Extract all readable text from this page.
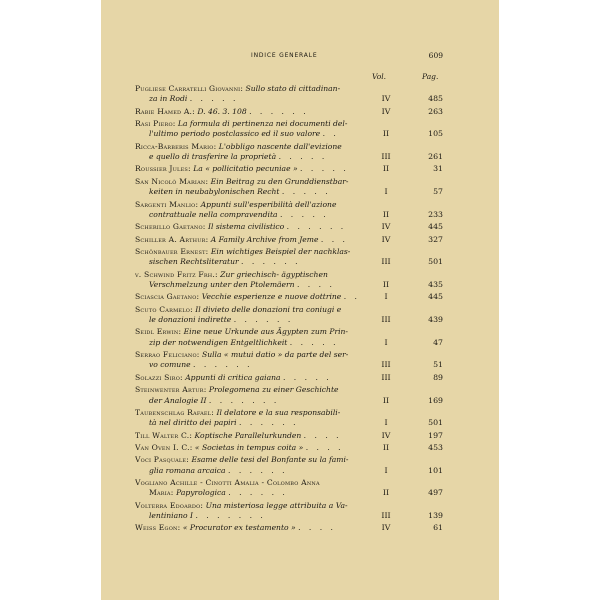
INDICE GENERALE	609
Vol.	Pag.
Pugliese Carratelli Giovanni: Sullo stato di cittadinan-
za in Rodi . . . . .	IV	485
Rabie Hamed A.: D. 46. 3. 108 . . . . . .	IV	263
Rasi Piero: La formula di pertinenza nei documenti del-
l'ultimo periodo postclassico ed il suo valore . .	II	105
Ricca-Barberis Mario: L'obbligo nascente dall'evizione
e quello di trasferire la proprietà . . . . .	III	261
Roussier Jules: La « pollicitatio pecuniae » . . . . .	II	31
San Nicolò Marian: Ein Beitrag zu den Grunddienstbar-
keiten in neubabylonischen Recht . . . . .	I	57
Sargenti Manlio: Appunti sull'esperibilità dell'azione
contrattuale nella compravendita . . . . .	II	233
Scherillo Gaetano: Il sistema civilistico . . . . . .	IV	445
Schiller A. Arthur: A Family Archive from Jeme . . .	IV	327
Schönbauer Ernest: Ein wichtiges Beispiel der nachklas-
sischen Rechtsliteratur . . . . . .	III	501
v. Schwind Fritz Frh.: Zur griechisch- ägyptischen
Verschmelzung unter den Ptolemäern . . . .	II	435
Sciascia Gaetano: Vecchie esperienze e nuove dottrine . .	I	445
Scuto Carmelo: Il divieto delle donazioni tra coniugi e
le donazioni indirette . . . . . .	III	439
Seidl Erwin: Eine neue Urkunde aus Ägypten zum Prin-
zip der notwendigen Entgeltlichkeit . . . . .	I	47
Serrao Feliciano: Sulla « mutui datio » da parte del ser-
vo comune . . . . . .	III	51
Solazzi Siro: Appunti di critica gaiana . . . . .	III	89
Steinwenter Artur: Prolegomena zu einer Geschichte
der Analogie II . . . . . . .	II	169
Taubenschlag Rafael: Il delatore e la sua responsabili-
tà nel diritto dei papiri . . . . . .	I	501
Till Walter C.: Koptische Parallelurkunden . . . .	IV	197
Van Oven I. C.: « Societas in tempus coita » . . . .	II	453
Voci Pasquale: Esame delle tesi del Bonfante su la fami-
glia romana arcaica . . . . . .	I	101
Vogliano Achille - Cinotti Amalia - Colombo Anna
Maria: Papyrologica . . . . . .	II	497
Volterra Edoardo: Una misteriosa legge attribuita a Va-
lentiniano I . . . . . . .	III	139
Weiss Egon: « Procurator ex testamento » . . . .	IV	61
